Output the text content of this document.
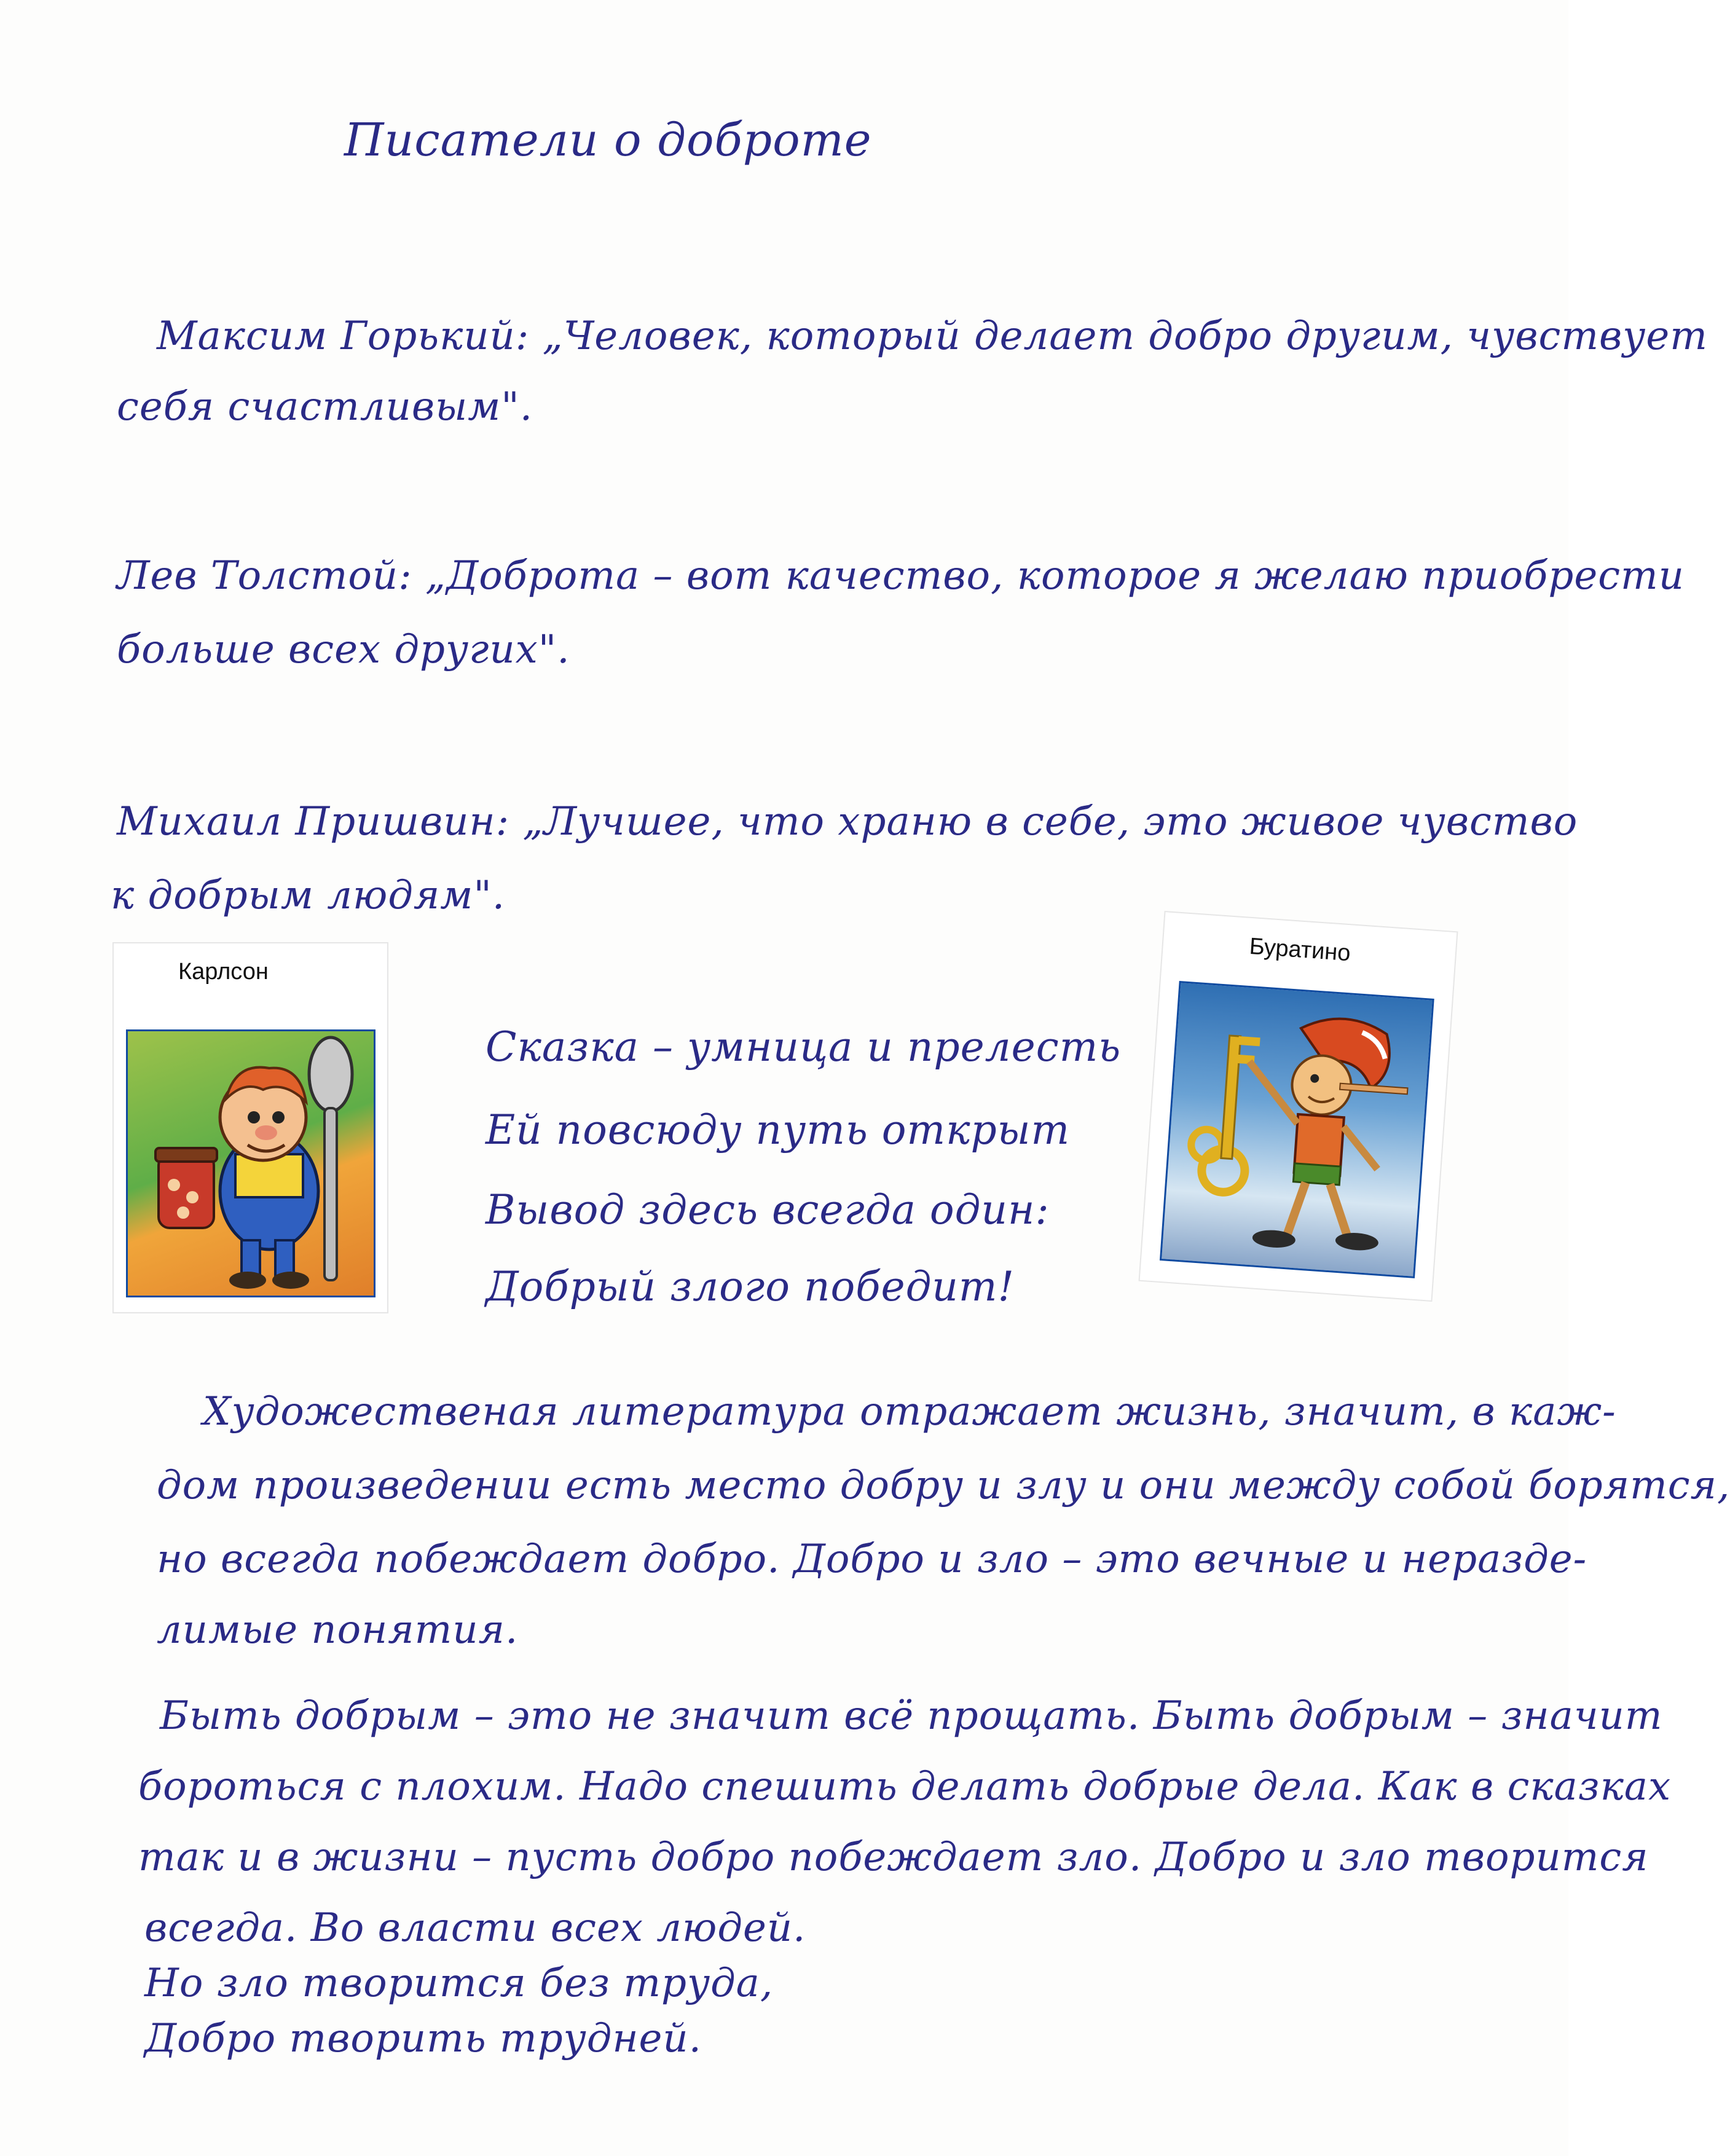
Писатели о доброте
Максим Горький: „Человек, который делает добро другим, чувствует
себя счастливым".
Лев Толстой: „Доброта – вот качество, которое я желаю приобрести
больше всех других".
Михаил Пришвин: „Лучшее, что храню в себе, это живое чувство
к добрым людям".
Карлсон
Сказка – умница и прелесть
Ей повсюду путь открыт
Вывод здесь всегда один:
Добрый злого победит!
Буратино
Художественая литература отражает жизнь, значит, в каж-
дом произведении есть место добру и злу и они между собой борятся,
но всегда побеждает добро. Добро и зло – это вечные и неразде-
лимые понятия.
Быть добрым – это не значит всё прощать. Быть добрым – значит
бороться с плохим. Надо спешить делать добрые дела. Как в сказках
так и в жизни – пусть добро побеждает зло. Добро и зло творится
всегда. Во власти всех людей.
Но зло творится без труда,
Добро творить трудней.
